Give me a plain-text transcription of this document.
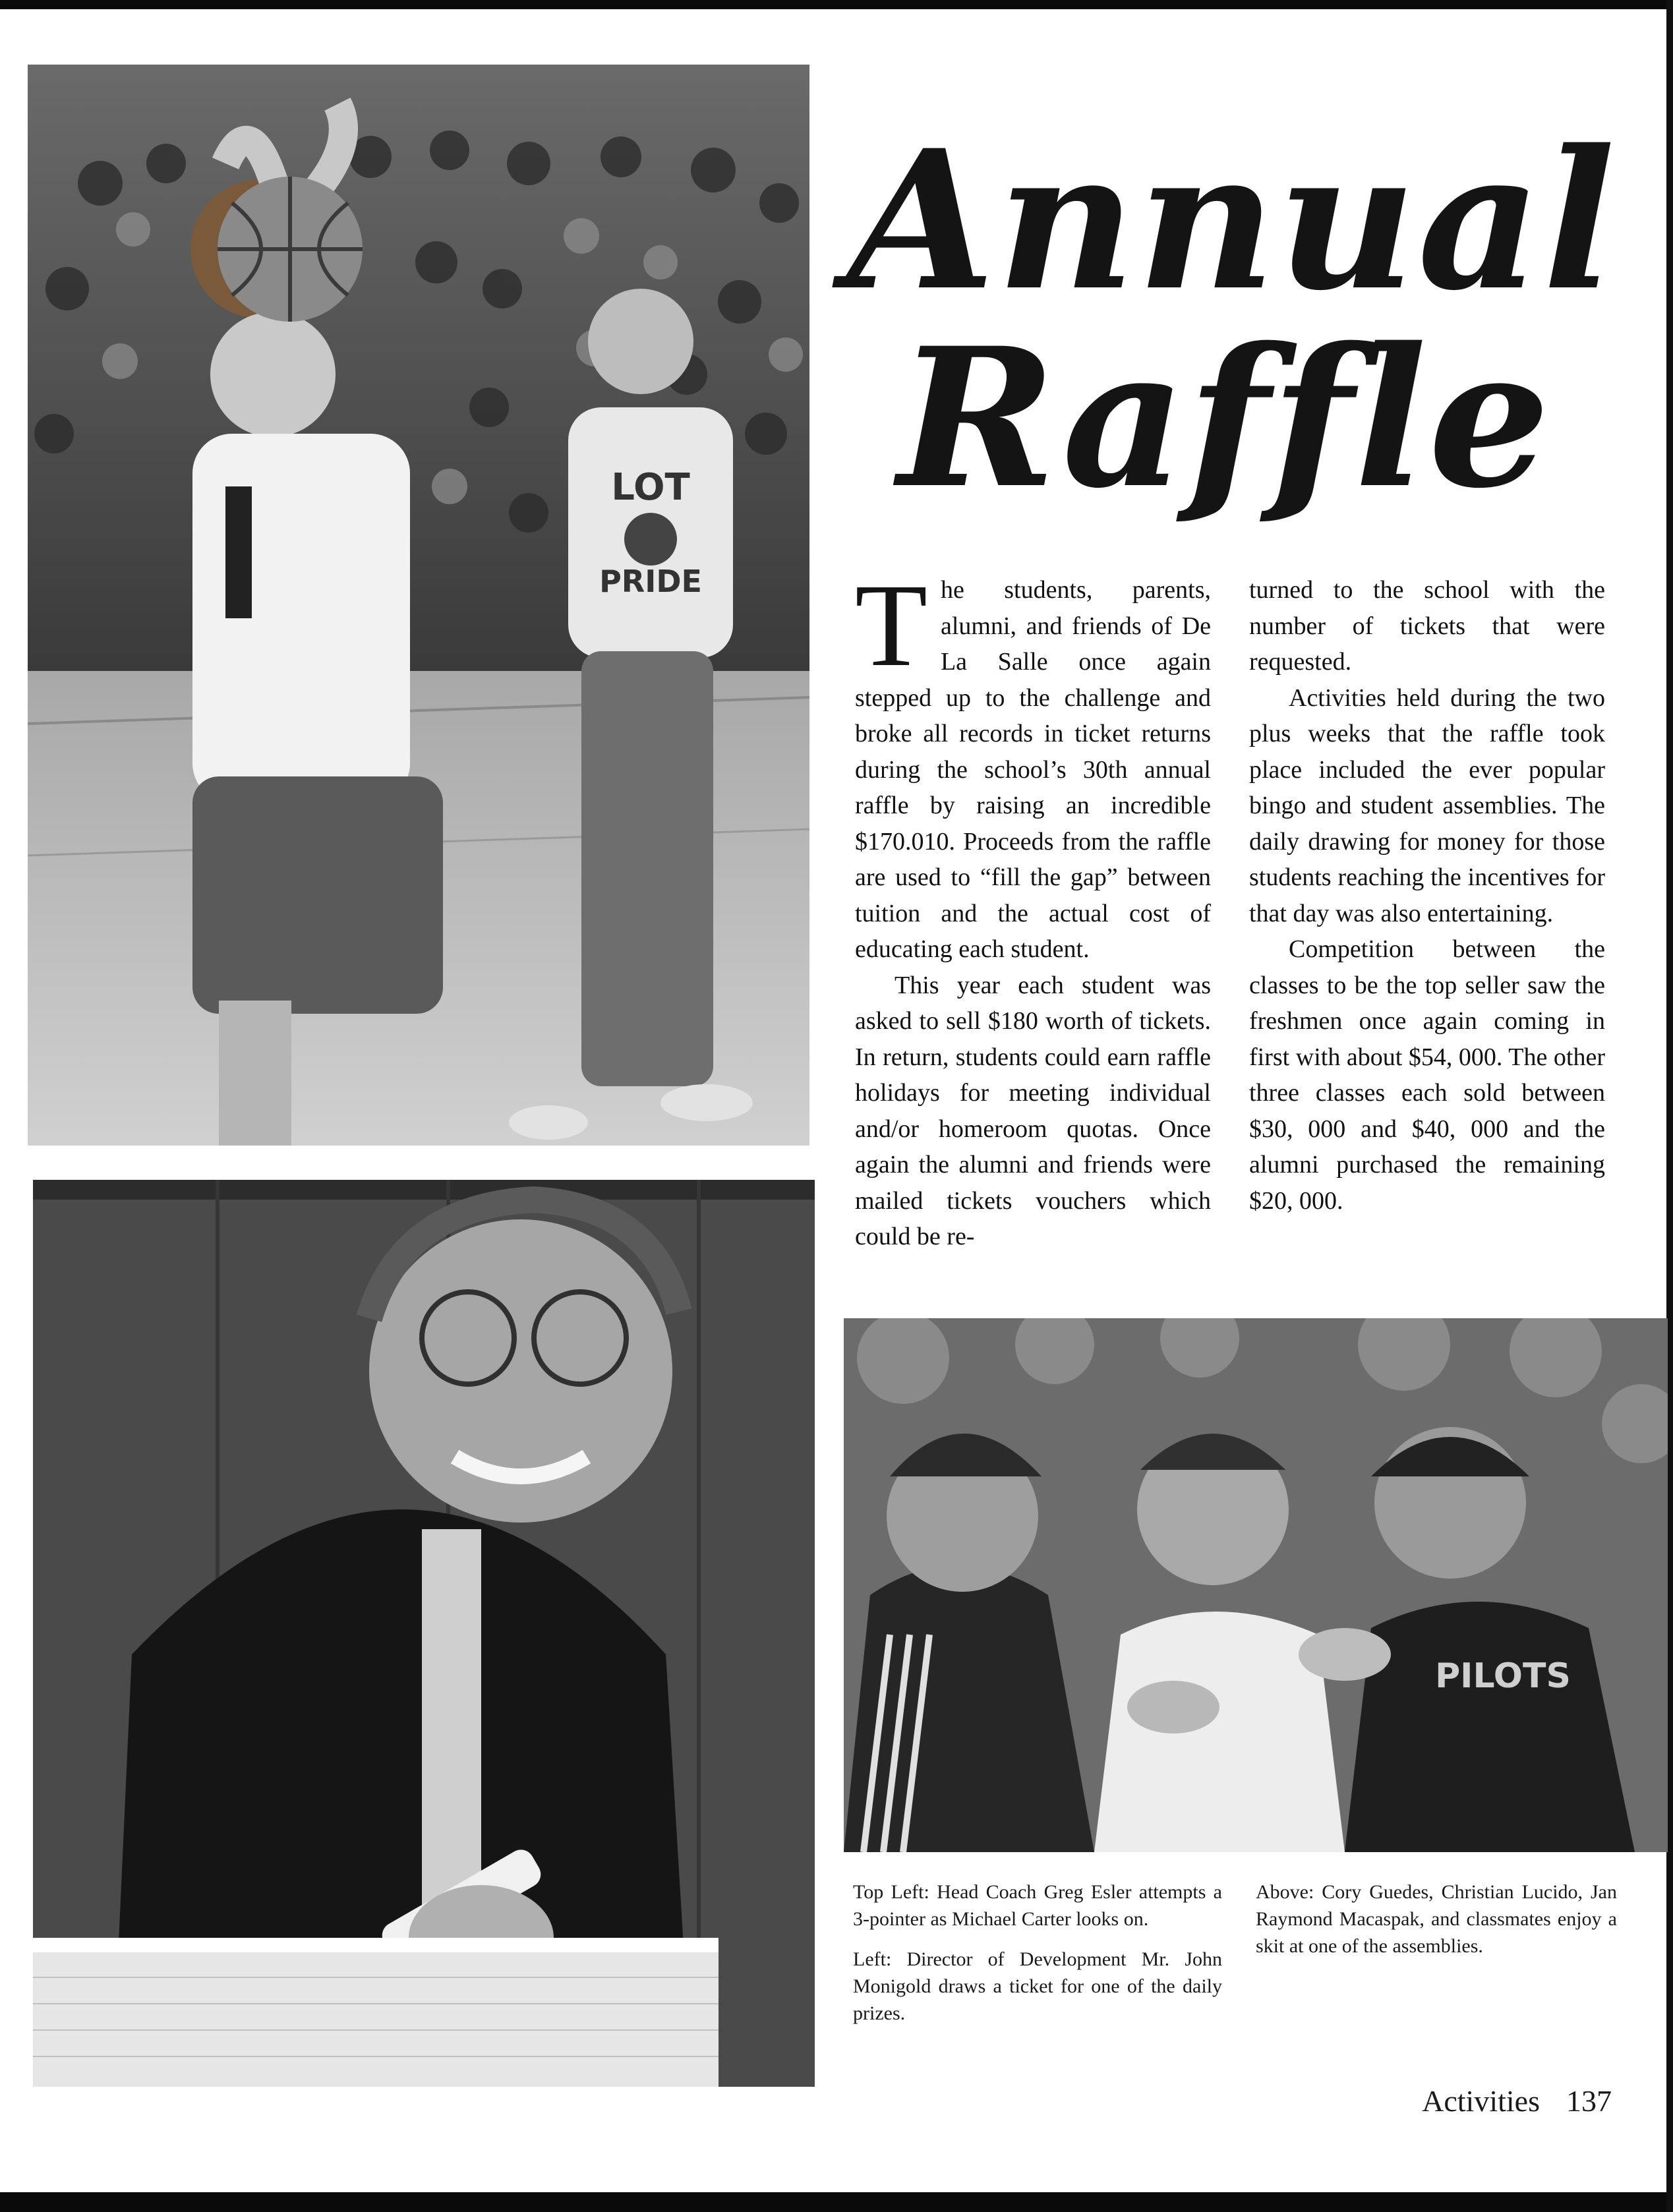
LOT
PRIDE
PILOTS
Annual
Raffle

The students, parents, alumni, and friends of De La Salle once again stepped up to the challenge and broke all records in ticket returns during the school’s 30th annual raffle by raising an incredible $170.010. Proceeds from the raffle are used to “fill the gap” between tuition and the actual cost of educating each student.

This year each student was asked to sell $180 worth of tickets. In return, students could earn raffle holidays for meeting individual and/or homeroom quotas. Once again the alumni and friends were mailed tickets vouchers which could be re-

turned to the school with the number of tickets that were requested.

Activities held during the two plus weeks that the raffle took place included the ever popular bingo and student assemblies. The daily drawing for money for those students reaching the incentives for that day was also entertaining.

Competition between the classes to be the top seller saw the freshmen once again coming in first with about $54, 000. The other three classes each sold between $30, 000 and $40, 000 and the alumni purchased the remaining $20, 000.

Top Left: Head Coach Greg Esler attempts a 3-pointer as Michael Carter looks on.

Left: Director of Development Mr. John Monigold draws a ticket for one of the daily prizes.

Above: Cory Guedes, Christian Lucido, Jan Raymond Macaspak, and classmates enjoy a skit at one of the assemblies.

Activities 137
